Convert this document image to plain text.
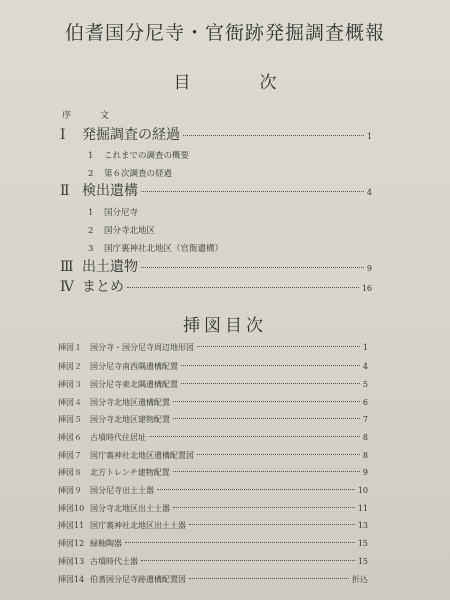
伯耆国分尼寺・官衙跡発掘調査概報
目　次
序　文
Ⅰ	発掘調査の経過	1
1	これまでの調査の概要
2	第６次調査の経過
Ⅱ 検出遺構	4
1	国分尼寺
2	国分寺北地区
3	国庁裏神社北地区（官衙遺構）
Ⅲ 出土遺物	9
Ⅳ まとめ	16
挿図目次
挿図１	国分寺・国分尼寺周辺地形図	1
挿図２	国分尼寺南西隅遺構配置	4
挿図３	国分尼寺東北隅遺構配置	5
挿図４	国分寺北地区遺構配置	6
挿図５	国分寺北地区建物配置	7
挿図６	古墳時代住居址	8
挿図７	国庁裏神社北地区遺構配置図	8
挿図８	北方トレンチ建物配置	9
挿図９	国分尼寺出土土器	10
挿図10 国分寺北地区出土土器	11
挿図11 国庁裏神社北地区出土土器	13
挿図12 緑釉陶器	15
挿図13 古墳時代土器	15
挿図14 伯耆国分尼寺跡遺構配置図	折込
